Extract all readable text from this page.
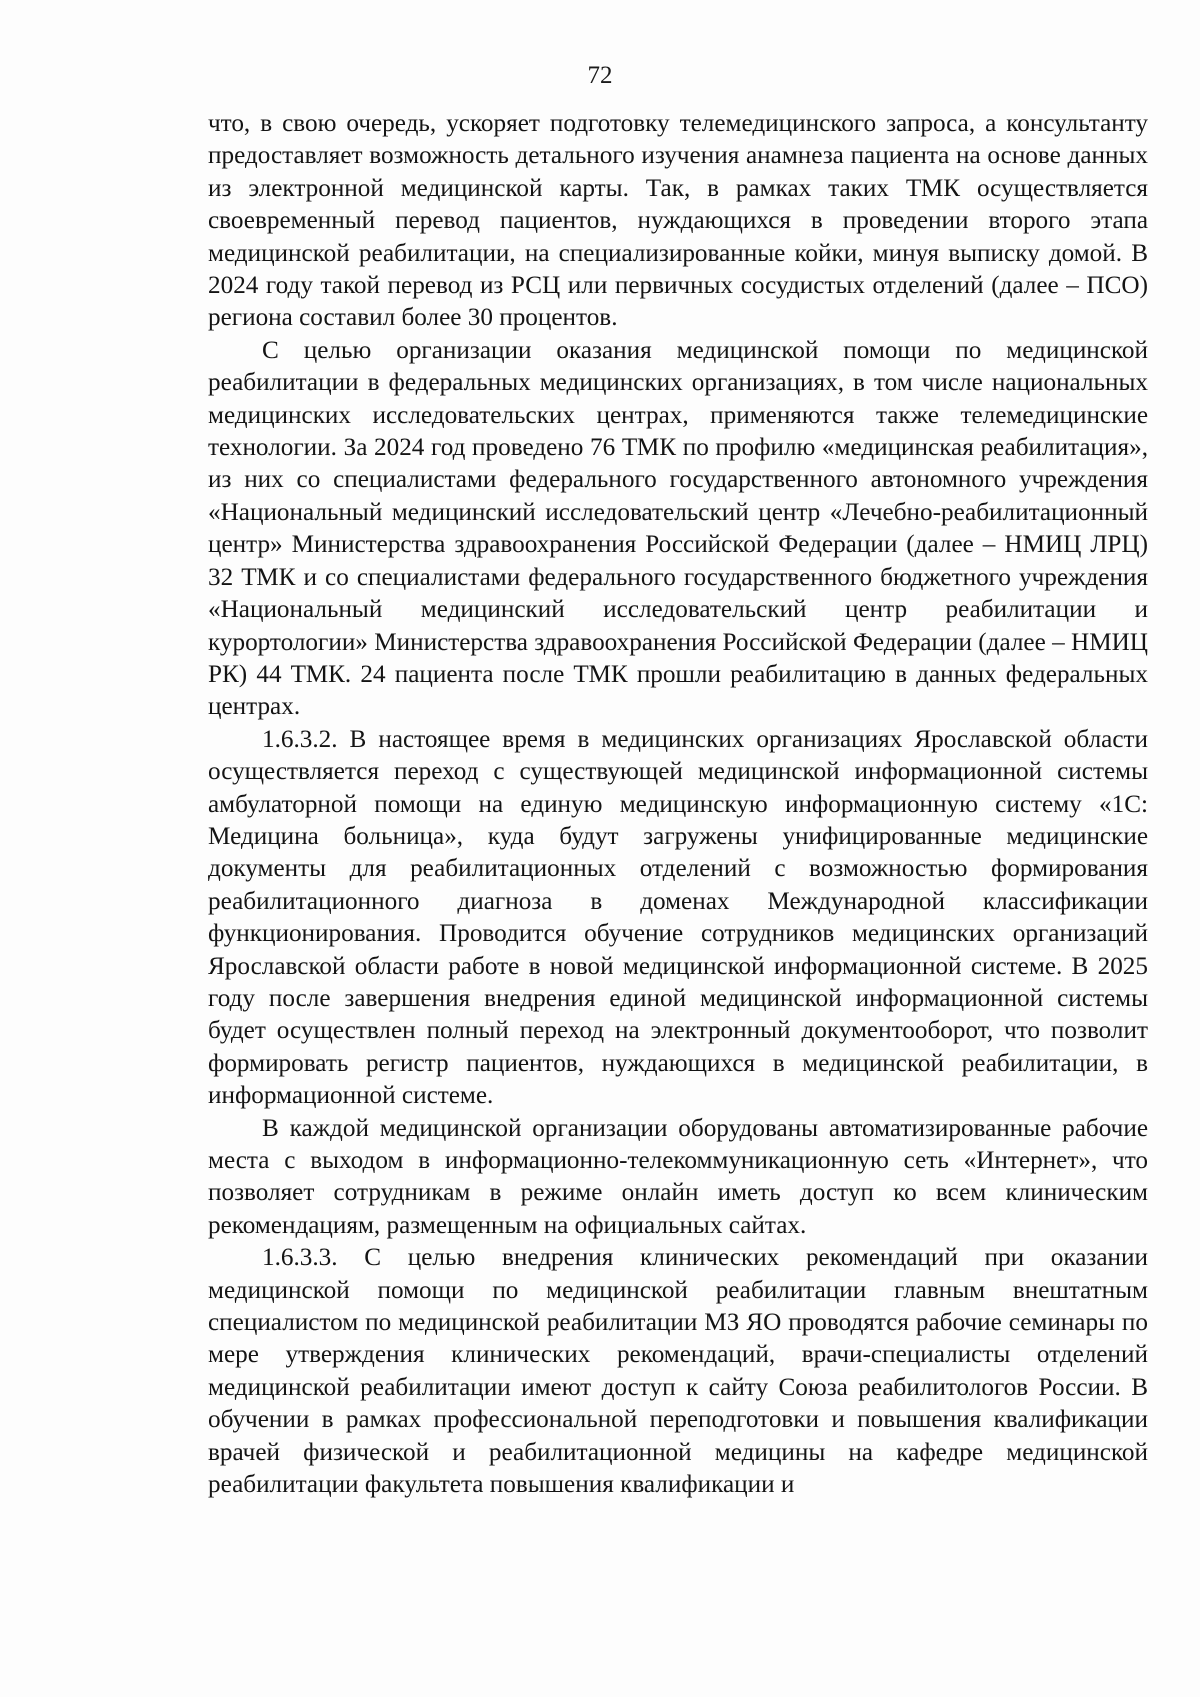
72

что, в свою очередь, ускоряет подготовку телемедицинского запроса, а консультанту предоставляет возможность детального изучения анамнеза пациента на основе данных из электронной медицинской карты. Так, в рамках таких ТМК осуществляется своевременный перевод пациентов, нуждающихся в проведении второго этапа медицинской реабилитации, на специализированные койки, минуя выписку домой. В 2024 году такой перевод из РСЦ или первичных сосудистых отделений (далее – ПСО) региона составил более 30 процентов.

С целью организации оказания медицинской помощи по медицинской реабилитации в федеральных медицинских организациях, в том числе национальных медицинских исследовательских центрах, применяются также телемедицинские технологии. За 2024 год проведено 76 ТМК по профилю «медицинская реабилитация», из них со специалистами федерального государственного автономного учреждения «Национальный медицинский исследовательский центр «Лечебно-реабилитационный центр» Министерства здравоохранения Российской Федерации (далее – НМИЦ ЛРЦ) 32 ТМК и со специалистами федерального государственного бюджетного учреждения «Национальный медицинский исследовательский центр реабилитации и курортологии» Министерства здравоохранения Российской Федерации (далее – НМИЦ РК) 44 ТМК. 24 пациента после ТМК прошли реабилитацию в данных федеральных центрах.

1.6.3.2. В настоящее время в медицинских организациях Ярославской области осуществляется переход с существующей медицинской информационной системы амбулаторной помощи на единую медицинскую информационную систему «1С: Медицина больница», куда будут загружены унифицированные медицинские документы для реабилитационных отделений с возможностью формирования реабилитационного диагноза в доменах Международной классификации функционирования. Проводится обучение сотрудников медицинских организаций Ярославской области работе в новой медицинской информационной системе. В 2025 году после завершения внедрения единой медицинской информационной системы будет осуществлен полный переход на электронный документооборот, что позволит формировать регистр пациентов, нуждающихся в медицинской реабилитации, в информационной системе.

В каждой медицинской организации оборудованы автоматизированные рабочие места с выходом в информационно-телекоммуникационную сеть «Интернет», что позволяет сотрудникам в режиме онлайн иметь доступ ко всем клиническим рекомендациям, размещенным на официальных сайтах.

1.6.3.3. С целью внедрения клинических рекомендаций при оказании медицинской помощи по медицинской реабилитации главным внештатным специалистом по медицинской реабилитации МЗ ЯО проводятся рабочие семинары по мере утверждения клинических рекомендаций, врачи-специалисты отделений медицинской реабилитации имеют доступ к сайту Союза реабилитологов России. В обучении в рамках профессиональной переподготовки и повышения квалификации врачей физической и реабилитационной медицины на кафедре медицинской реабилитации факультета повышения квалификации и
